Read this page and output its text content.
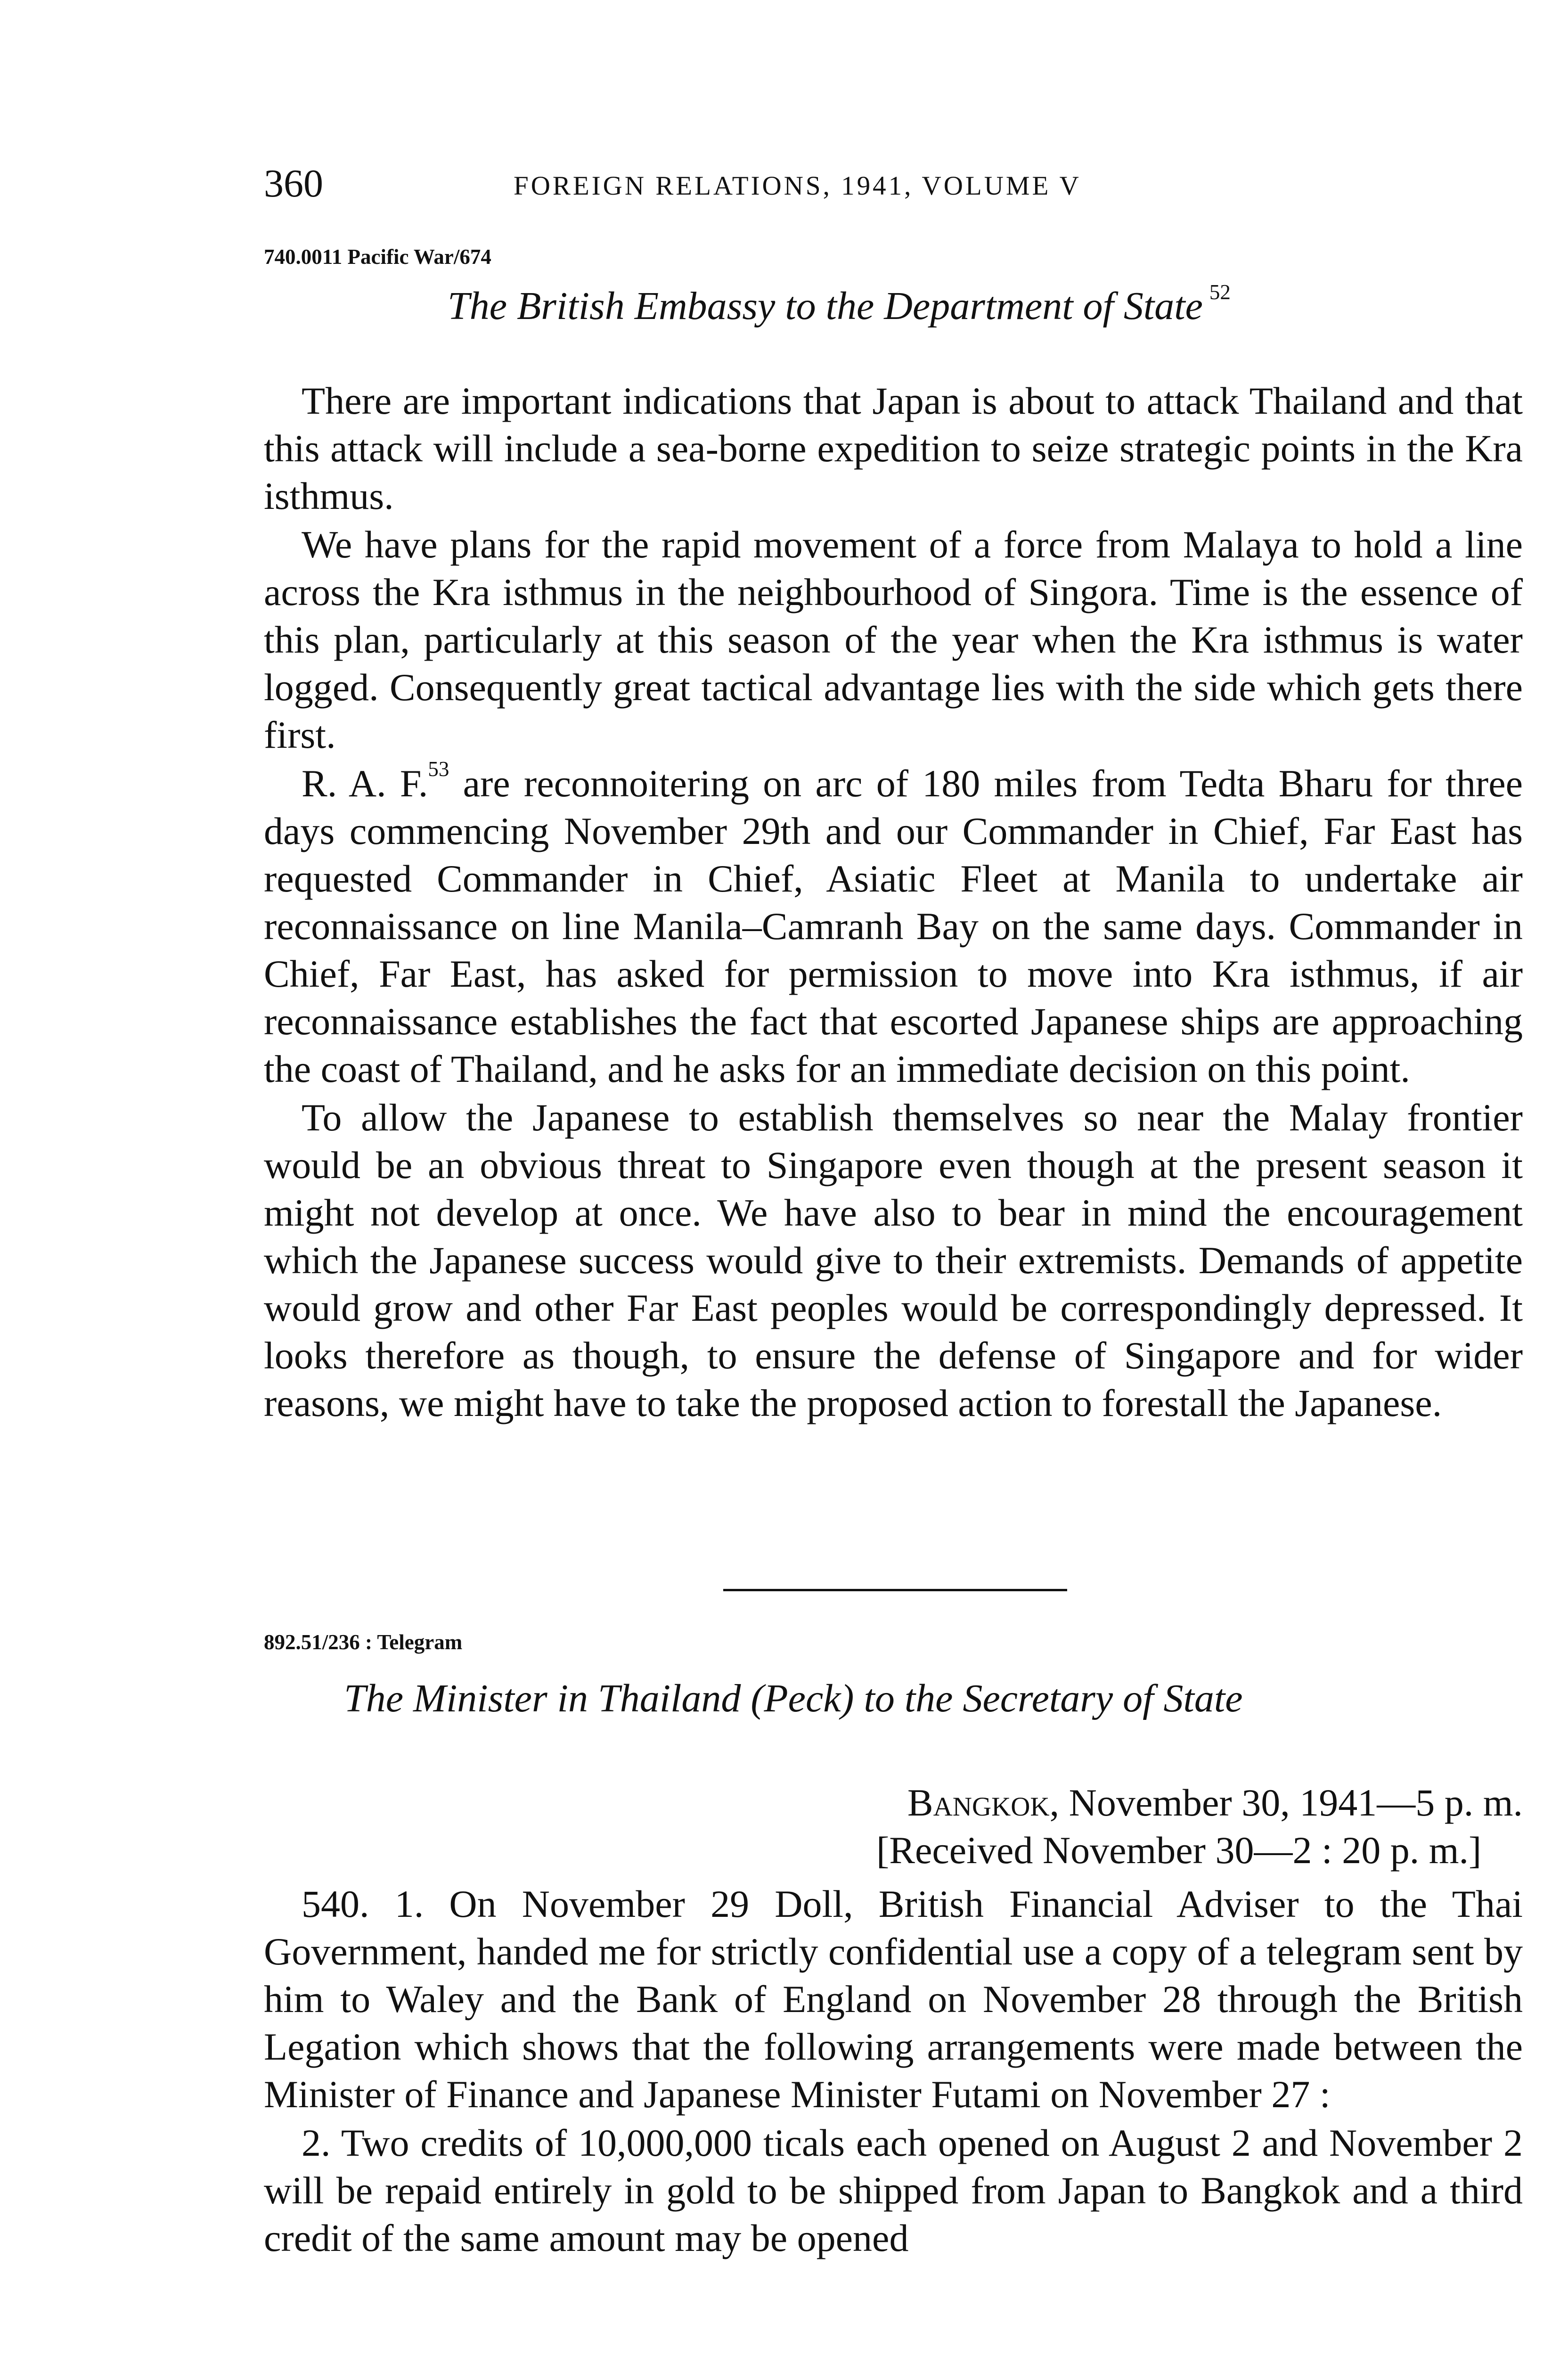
360	FOREIGN RELATIONS, 1941, VOLUME V
740.0011 Pacific War/674
The British Embassy to the Department of State $^{52}$

There are important indications that Japan is about to attack Thailand and that this attack will include a sea-borne expedition to seize strategic points in the Kra isthmus.

We have plans for the rapid movement of a force from Malaya to hold a line across the Kra isthmus in the neighbourhood of Singora. Time is the essence of this plan, particularly at this season of the year when the Kra isthmus is water logged. Consequently great tactical advantage lies with the side which gets there first.

R. A. F.$^{53}$ are reconnoitering on arc of 180 miles from Tedta Bharu for three days commencing November 29th and our Commander in Chief, Far East has requested Commander in Chief, Asiatic Fleet at Manila to undertake air reconnaissance on line Manila–Camranh Bay on the same days. Commander in Chief, Far East, has asked for permission to move into Kra isthmus, if air reconnaissance establishes the fact that escorted Japanese ships are approaching the coast of Thailand, and he asks for an immediate decision on this point.

To allow the Japanese to establish themselves so near the Malay frontier would be an obvious threat to Singapore even though at the present season it might not develop at once. We have also to bear in mind the encouragement which the Japanese success would give to their extremists. Demands of appetite would grow and other Far East peoples would be correspondingly depressed. It looks therefore as though, to ensure the defense of Singapore and for wider reasons, we might have to take the proposed action to forestall the Japanese.

892.51/236 : Telegram
The Minister in Thailand (Peck) to the Secretary of State
Bangkok, November 30, 1941—5 p. m.
[Received November 30—2 : 20 p. m.]

540. 1. On November 29 Doll, British Financial Adviser to the Thai Government, handed me for strictly confidential use a copy of a telegram sent by him to Waley and the Bank of England on November 28 through the British Legation which shows that the following arrangements were made between the Minister of Finance and Japanese Minister Futami on November 27 :

2. Two credits of 10,000,000 ticals each opened on August 2 and November 2 will be repaid entirely in gold to be shipped from Japan to Bangkok and a third credit of the same amount may be opened
